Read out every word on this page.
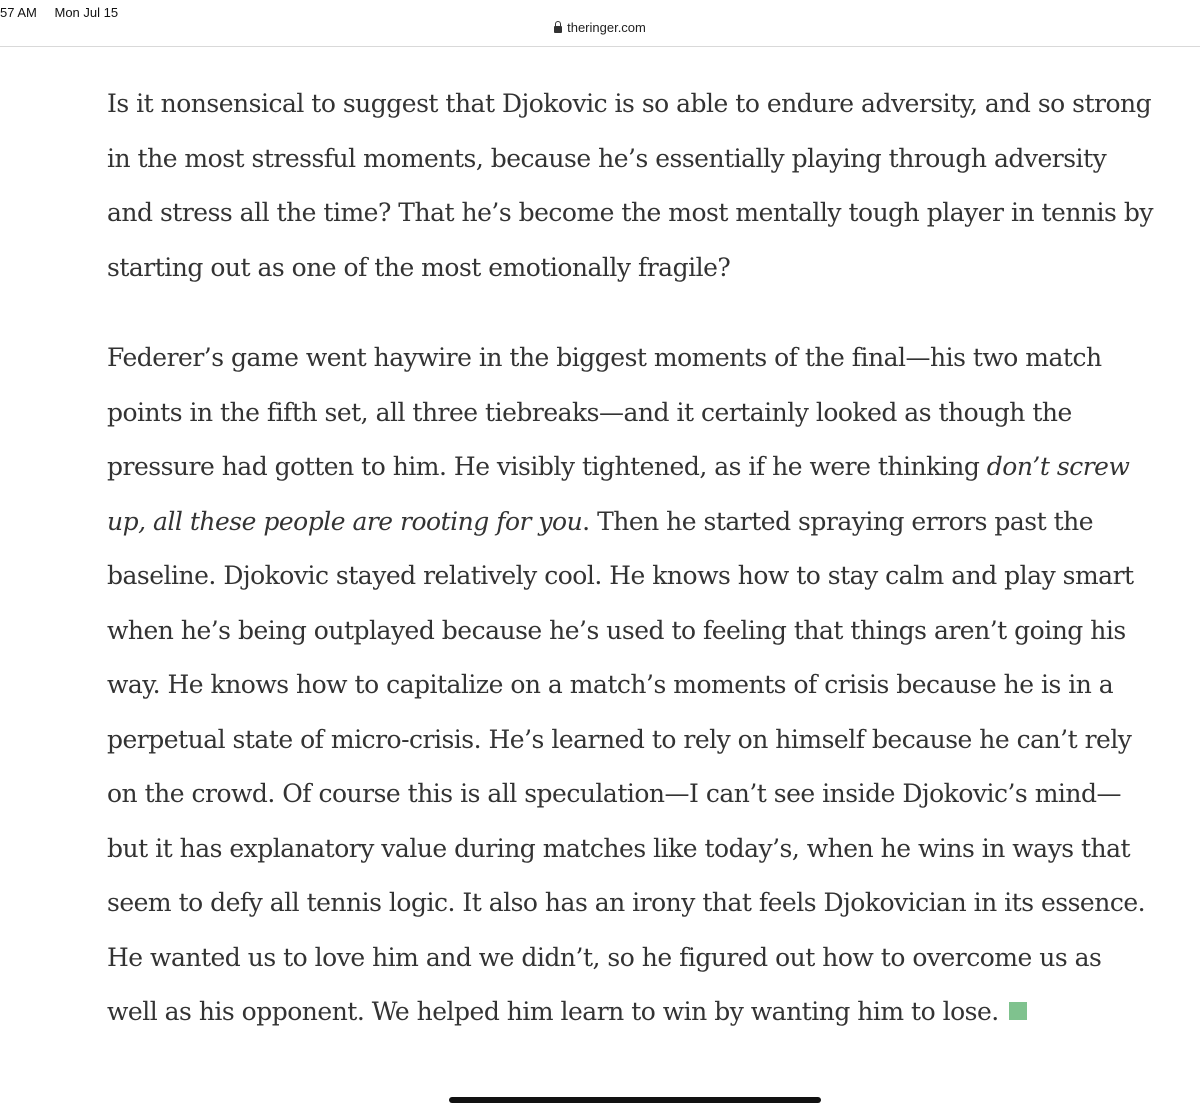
57 AM Mon Jul 15
theringer.com

Is it nonsensical to suggest that Djokovic is so able to endure adversity, and so strong in the most stressful moments, because he’s essentially playing through adversity and stress all the time? That he’s become the most mentally tough player in tennis by starting out as one of the most emotionally fragile?

Federer’s game went haywire in the biggest moments of the final—his two match points in the fifth set, all three tiebreaks—and it certainly looked as though the pressure had gotten to him. He visibly tightened, as if he were thinking don’t screw up, all these people are rooting for you. Then he started spraying errors past the baseline. Djokovic stayed relatively cool. He knows how to stay calm and play smart when he’s being outplayed because he’s used to feeling that things aren’t going his way. He knows how to capitalize on a match’s moments of crisis because he is in a perpetual state of micro-crisis. He’s learned to rely on himself because he can’t rely on the crowd. Of course this is all speculation—I can’t see inside Djokovic’s mind—but it has explanatory value during matches like today’s, when he wins in ways that seem to defy all tennis logic. It also has an irony that feels Djokovician in its essence. He wanted us to love him and we didn’t, so he figured out how to overcome us as well as his opponent. We helped him learn to win by wanting him to lose.
